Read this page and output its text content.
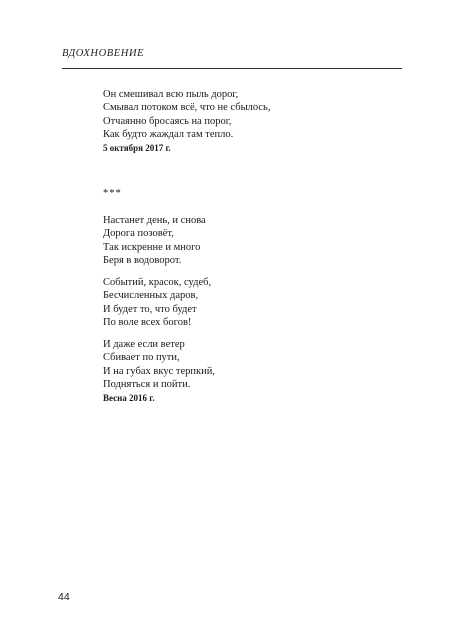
ВДОХНОВЕНИЕ
Он смешивал всю пыль дорог,
Смывал потоком всё, что не сбылось,
Отчаянно бросаясь на порог,
Как будто жаждал там тепло.
5 октября 2017 г.
***
Настанет день, и снова
Дорога позовёт,
Так искренне и много
Беря в водоворот.
Событий, красок, судеб,
Бесчисленных даров,
И будет то, что будет
По воле всех богов!
И даже если ветер
Сбивает по пути,
И на губах вкус терпкий,
Подняться и пойти.
Весна 2016 г.
44
